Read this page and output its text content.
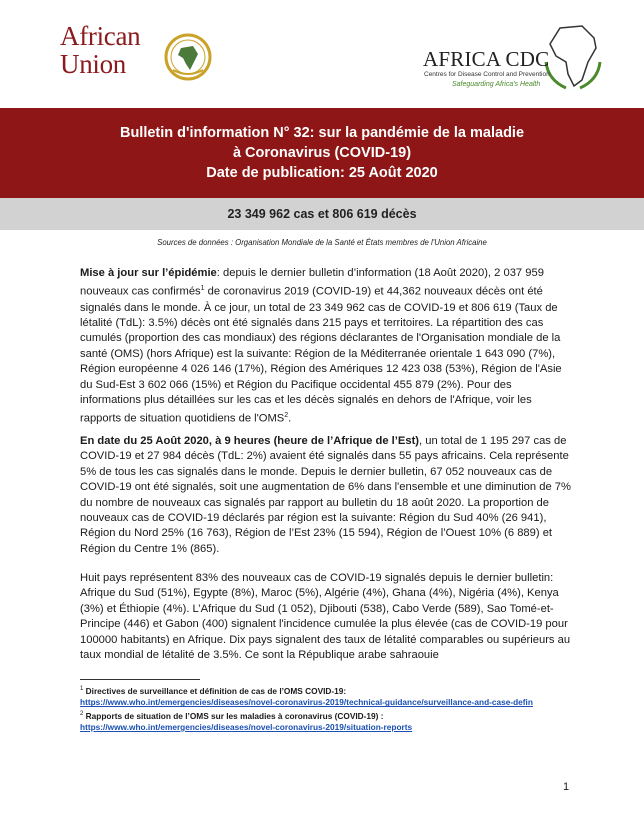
African
Union	AFRICA CDC
Centres for Disease Control and Prevention
Safeguarding Africa's Health
Bulletin d'information N° 32: sur la pandémie de la maladie
à Coronavirus (COVID-19)
Date de publication: 25 Août 2020
23 349 962 cas et 806 619 décès
Sources de données : Organisation Mondiale de la Santé et États membres de l'Union Africaine
Mise à jour sur l’épidémie: depuis le dernier bulletin d’information (18 Août 2020), 2 037 959 nouveaux cas confirmés$^1$ de coronavirus 2019 (COVID-19) et 44,362 nouveaux décès ont été signalés dans le monde. À ce jour, un total de 23 349 962 cas de COVID-19 et 806 619 (Taux de létalité (TdL): 3.5%) décès ont été signalés dans 215 pays et territoires. La répartition des cas cumulés (proportion des cas mondiaux) des régions déclarantes de l'Organisation mondiale de la santé (OMS) (hors Afrique) est la suivante: Région de la Méditerranée orientale 1 643 090 (7%), Région européenne 4 026 146 (17%), Région des Amériques 12 423 038 (53%), Région de l'Asie du Sud-Est 3 602 066 (15%) et Région du Pacifique occidental 455 879 (2%). Pour des informations plus détaillées sur les cas et les décès signalés en dehors de l'Afrique, voir les rapports de situation quotidiens de l'OMS$^2$.
En date du 25 Août 2020, à 9 heures (heure de l’Afrique de l’Est), un total de 1 195 297 cas de COVID-19 et 27 984 décès (TdL: 2%) avaient été signalés dans 55 pays africains. Cela représente 5% de tous les cas signalés dans le monde. Depuis le dernier bulletin, 67 052 nouveaux cas de COVID-19 ont été signalés, soit une augmentation de 6% dans l'ensemble et une diminution de 7% du nombre de nouveaux cas signalés par rapport au bulletin du 18 août 2020. La proportion de nouveaux cas de COVID-19 déclarés par région est la suivante: Région du Sud 40% (26 941), Région du Nord 25% (16 763), Région de l’Est 23% (15 594), Région de l’Ouest 10% (6 889) et Région du Centre 1% (865).
Huit pays représentent 83% des nouveaux cas de COVID-19 signalés depuis le dernier bulletin: Afrique du Sud (51%), Egypte (8%), Maroc (5%), Algérie (4%), Ghana (4%), Nigéria (4%), Kenya (3%) et Éthiopie (4%). L’Afrique du Sud (1 052), Djibouti (538), Cabo Verde (589), Sao Tomé-et-Principe (446) et Gabon (400) signalent l'incidence cumulée la plus élevée (cas de COVID-19 pour 100000 habitants) en Afrique. Dix pays signalent des taux de létalité comparables ou supérieurs au taux mondial de létalité de 3.5%. Ce sont la République arabe sahraouie
$^1$ Directives de surveillance et définition de cas de l’OMS COVID-19:
https://www.who.int/emergencies/diseases/novel-coronavirus-2019/technical-guidance/surveillance-and-case-defin
$^2$ Rapports de situation de l’OMS sur les maladies à coronavirus (COVID-19) :
https://www.who.int/emergencies/diseases/novel-coronavirus-2019/situation-reports
1
